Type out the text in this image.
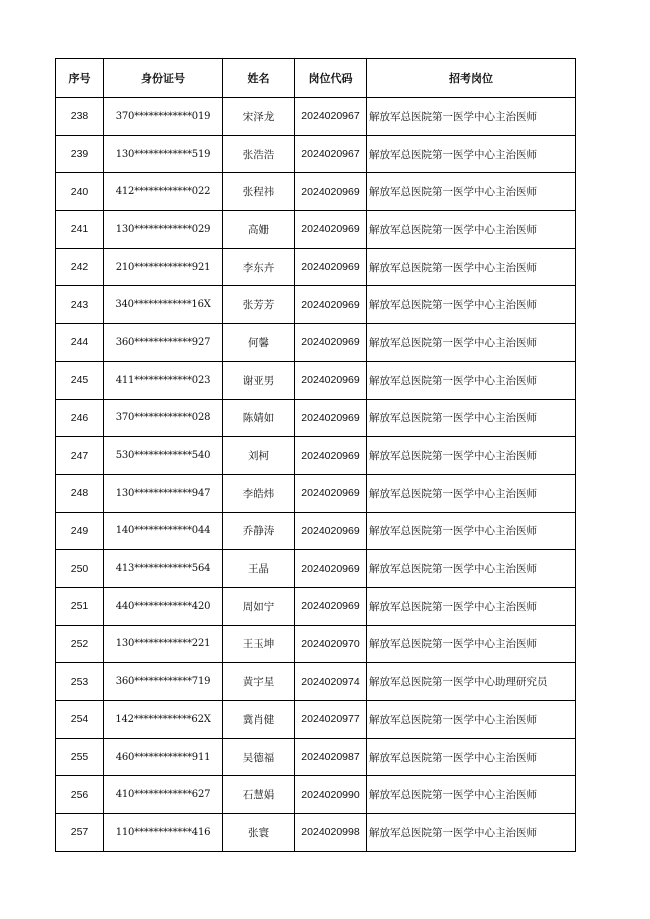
序号	身份证号	姓名	岗位代码	招考岗位
238	370************019	宋泽龙	2024020967	解放军总医院第一医学中心主治医师
239	130************519	张浩浩	2024020967	解放军总医院第一医学中心主治医师
240	412************022	张程祎	2024020969	解放军总医院第一医学中心主治医师
241	130************029	高姗	2024020969	解放军总医院第一医学中心主治医师
242	210************921	李东卉	2024020969	解放军总医院第一医学中心主治医师
243	340************16X	张芳芳	2024020969	解放军总医院第一医学中心主治医师
244	360************927	何馨	2024020969	解放军总医院第一医学中心主治医师
245	411************023	谢亚男	2024020969	解放军总医院第一医学中心主治医师
246	370************028	陈婧如	2024020969	解放军总医院第一医学中心主治医师
247	530************540	刘柯	2024020969	解放军总医院第一医学中心主治医师
248	130************947	李皓炜	2024020969	解放军总医院第一医学中心主治医师
249	140************044	乔静涛	2024020969	解放军总医院第一医学中心主治医师
250	413************564	王晶	2024020969	解放军总医院第一医学中心主治医师
251	440************420	周如宁	2024020969	解放军总医院第一医学中心主治医师
252	130************221	王玉坤	2024020970	解放军总医院第一医学中心主治医师
253	360************719	黄宇星	2024020974	解放军总医院第一医学中心助理研究员
254	142************62X	冀肖健	2024020977	解放军总医院第一医学中心主治医师
255	460************911	吴德福	2024020987	解放军总医院第一医学中心主治医师
256	410************627	石慧娟	2024020990	解放军总医院第一医学中心主治医师
257	110************416	张寰	2024020998	解放军总医院第一医学中心主治医师
